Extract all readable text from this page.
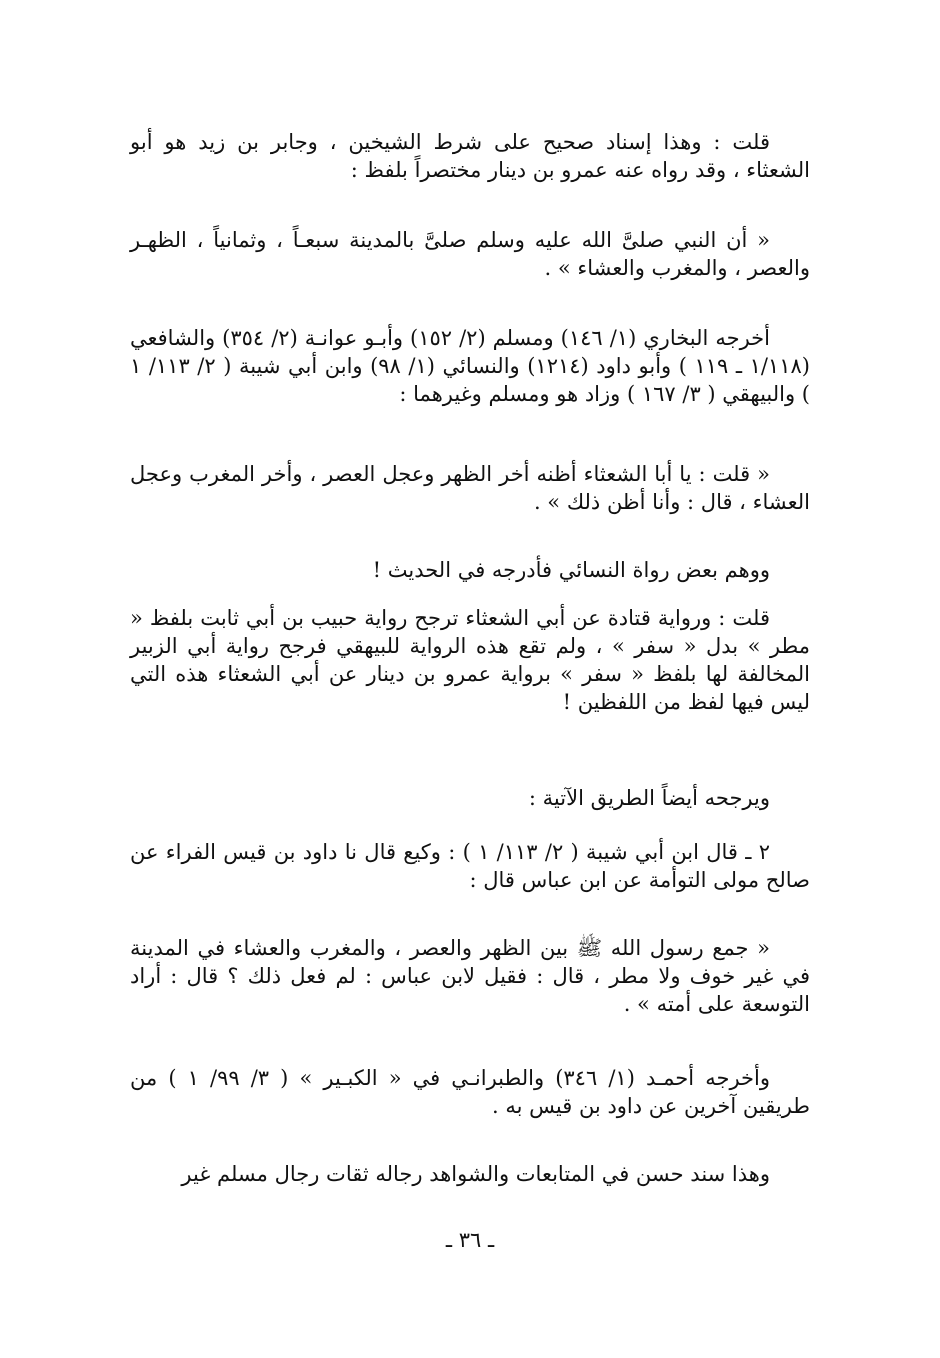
قلت : وهذا إسناد صحيح على شرط الشيخين ، وجابر بن زيد هو أبو الشعثاء ، وقد رواه عنه عمرو بن دينار مختصراً بلفظ :

« أن النبي صلىَّ الله عليه وسلم صلىَّ بالمدينة سبعـاً ، وثمانياً ، الظهـر والعصر ، والمغرب والعشاء » .

أخرجه البخاري (١/ ١٤٦) ومسلم (٢/ ١٥٢) وأبـو عوانـة (٢/ ٣٥٤) والشافعي (١/١١٨ ـ ١١٩ ) وأبو داود (١٢١٤) والنسائي (١/ ٩٨) وابن أبي شيبة ( ٢/ ١١٣/ ١ ) والبيهقي ( ٣/ ١٦٧ ) وزاد هو ومسلم وغيرهما :

« قلت : يا أبا الشعثاء أظنه أخر الظهر وعجل العصر ، وأخر المغرب وعجل العشاء ، قال : وأنا أظن ذلك » .

ووهم بعض رواة النسائي فأدرجه في الحديث !

قلت : ورواية قتادة عن أبي الشعثاء ترجح رواية حبيب بن أبي ثابت بلفظ « مطر » بدل « سفر » ، ولم تقع هذه الرواية للبيهقي فرجح رواية أبي الزبير المخالفة لها بلفظ « سفر » برواية عمرو بن دينار عن أبي الشعثاء هذه التي ليس فيها لفظ من اللفظين !

ويرجحه أيضاً الطريق الآتية :

٢ ـ قال ابن أبي شيبة ( ٢/ ١١٣/ ١ ) : وكيع قال نا داود بن قيس الفراء عن صالح مولى التوأمة عن ابن عباس قال :

« جمع رسول الله ﷺ بين الظهر والعصر ، والمغرب والعشاء في المدينة في غير خوف ولا مطر ، قال : فقيل لابن عباس : لم فعل ذلك ؟ قال : أراد التوسعة على أمته » .

وأخرجه أحمـد (١/ ٣٤٦) والطبرانـي في « الكبـير » ( ٣/ ٩٩/ ١ ) من طريقين آخرين عن داود بن قيس به .

وهذا سند حسن في المتابعات والشواهد رجاله ثقات رجال مسلم غير

ـ ٣٦ ـ
